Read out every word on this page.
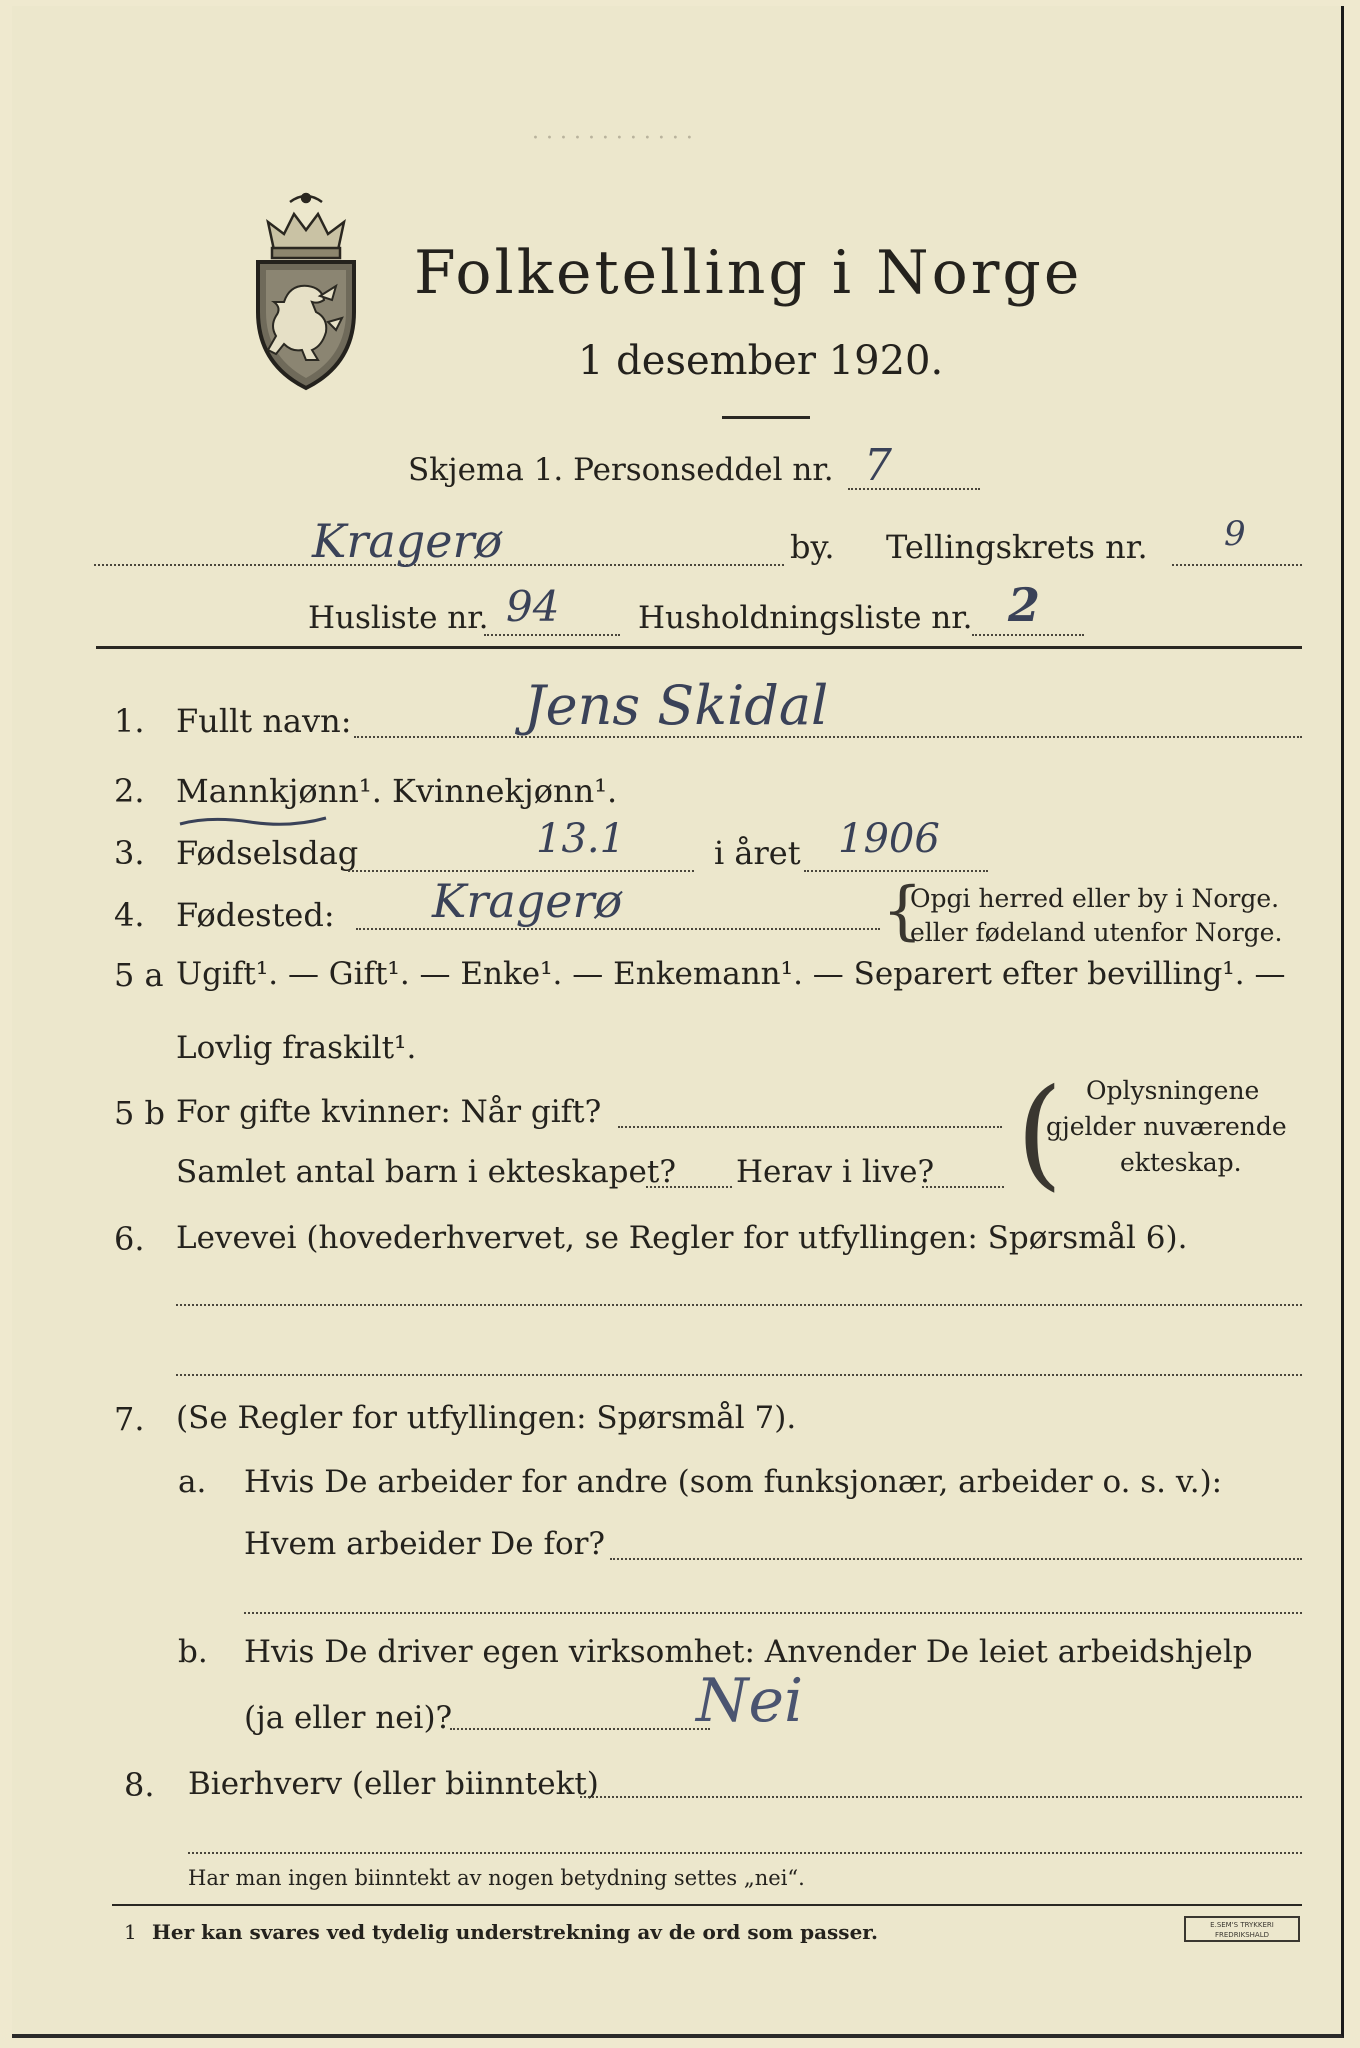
Folketelling i Norge
1 desember 1920.
Skjema 1. Personseddel nr. 7
Kragerø	by. Tellingskrets nr. 9
Husliste nr. 94	Husholdningsliste nr. 2
· · · · · · · · · · · ·
1. Fullt navn:	Jens Skidal
2. Mannkjønn¹. Kvinnekjønn¹.
3. Fødselsdag	13.1	i året 1906
4. Fødested: Kragerø	{
Opgi herred eller by i Norge.
eller fødeland utenfor Norge.
5 a Ugift¹. — Gift¹. — Enke¹. — Enkemann¹. — Separert efter bevilling¹. —
Lovlig fraskilt¹.
5 b For gifte kvinner: Når gift?
Samlet antal barn i ekteskapet? Herav i live? ( Oplysningene
gjelder nuværende
ekteskap.
6. Levevei (hovederhvervet, se Regler for utfyllingen: Spørsmål 6).
7. (Se Regler for utfyllingen: Spørsmål 7).
a. Hvis De arbeider for andre (som funksjonær, arbeider o. s. v.):
Hvem arbeider De for?
b. Hvis De driver egen virksomhet: Anvender De leiet arbeidshjelp
(ja eller nei)?	Nei
8. Bierhverv (eller biinntekt)
Har man ingen biinntekt av nogen betydning settes „nei“.
1 Her kan svares ved tydelig understrekning av de ord som passer.	E.SEM'S TRYKKERI FREDRIKSHALD
